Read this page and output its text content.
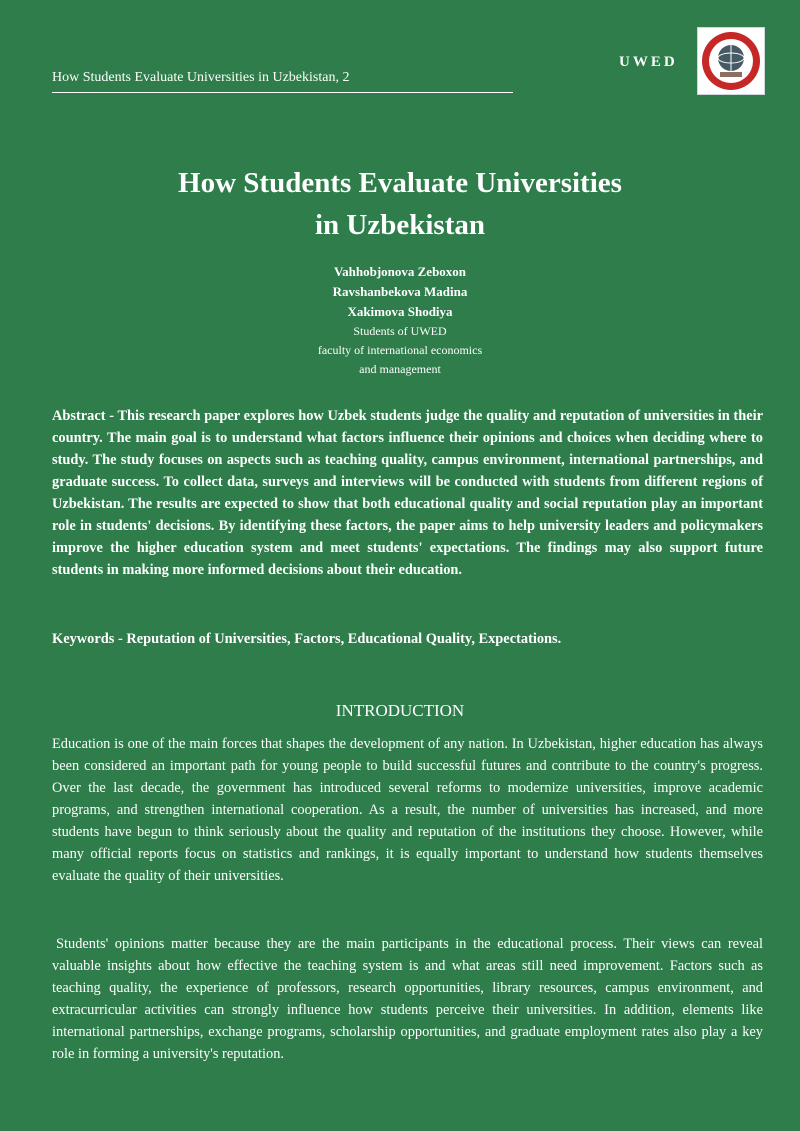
How Students Evaluate Universities in Uzbekistan, 2
UWED
How Students Evaluate Universities
in Uzbekistan
Vahhobjonova Zeboxon
Ravshanbekova Madina
Xakimova Shodiya
Students of UWED
faculty of international economics
and management

Abstract - This research paper explores how Uzbek students judge the quality and reputation of universities in their country. The main goal is to understand what factors influence their opinions and choices when deciding where to study. The study focuses on aspects such as teaching quality, campus environment, international partnerships, and graduate success. To collect data, surveys and interviews will be conducted with students from different regions of Uzbekistan. The results are expected to show that both educational quality and social reputation play an important role in students' decisions. By identifying these factors, the paper aims to help university leaders and policymakers improve the higher education system and meet students' expectations. The findings may also support future students in making more informed decisions about their education.

Keywords - Reputation of Universities, Factors, Educational Quality, Expectations.

INTRODUCTION

Education is one of the main forces that shapes the development of any nation. In Uzbekistan, higher education has always been considered an important path for young people to build successful futures and contribute to the country's progress. Over the last decade, the government has introduced several reforms to modernize universities, improve academic programs, and strengthen international cooperation. As a result, the number of universities has increased, and more students have begun to think seriously about the quality and reputation of the institutions they choose. However, while many official reports focus on statistics and rankings, it is equally important to understand how students themselves evaluate the quality of their universities.

Students' opinions matter because they are the main participants in the educational process. Their views can reveal valuable insights about how effective the teaching system is and what areas still need improvement. Factors such as teaching quality, the experience of professors, research opportunities, library resources, campus environment, and extracurricular activities can strongly influence how students perceive their universities. In addition, elements like international partnerships, exchange programs, scholarship opportunities, and graduate employment rates also play a key role in forming a university's reputation.
